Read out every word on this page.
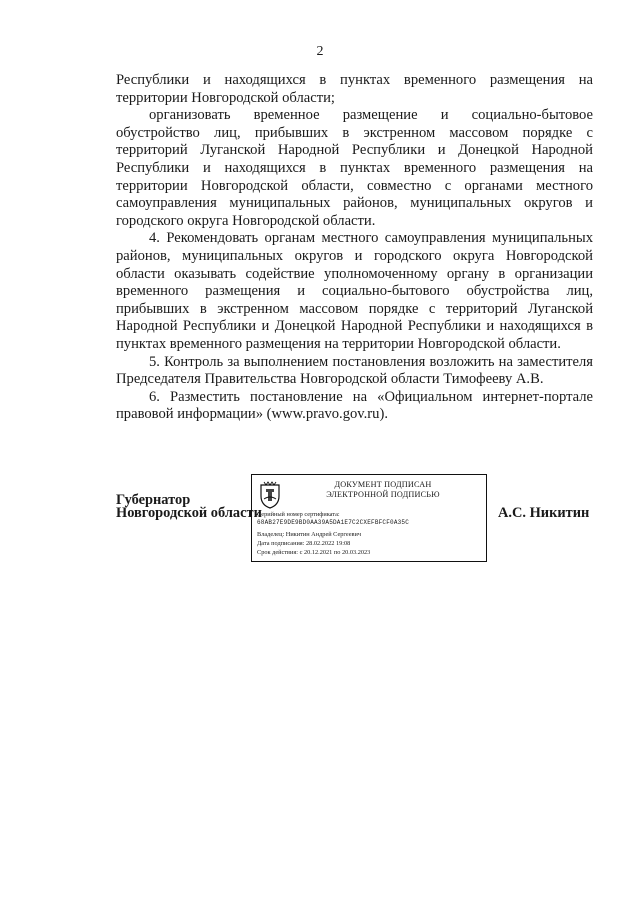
2

Республики и находящихся в пунктах временного размещения на территории Новгородской области;

организовать временное размещение и социально-бытовое обустройство лиц, прибывших в экстренном массовом порядке с территорий Луганской Народной Республики и Донецкой Народной Республики и находящихся в пунктах временного размещения на территории Новгородской области, совместно с органами местного самоуправления муниципальных районов, муниципальных округов и городского округа Новгородской области.

4. Рекомендовать органам местного самоуправления муниципальных районов, муниципальных округов и городского округа Новгородской области оказывать содействие уполномоченному органу в организации временного размещения и социально-бытового обустройства лиц, прибывших в экстренном массовом порядке с территорий Луганской Народной Республики и Донецкой Народной Республики и находящихся в пунктах временного размещения на территории Новгородской области.

5. Контроль за выполнением постановления возложить на заместителя Председателя Правительства Новгородской области Тимофееву А.В.

6. Разместить постановление на «Официальном интернет-портале правовой информации» (www.pravo.gov.ru).

Губернатор
Новгородской области
ДОКУМЕНТ ПОДПИСАН
ЭЛЕКТРОННОЙ ПОДПИСЬЮ
Серийный номер сертификата:
68AB27E9DE9BD0AA39A5DA1E7C2CXEFBFCF0A35C
Владелец: Никитин Андрей Сергеевич
Дата подписания: 28.02.2022 19:08
Срок действия: с 20.12.2021 по 20.03.2023
А.С. Никитин
